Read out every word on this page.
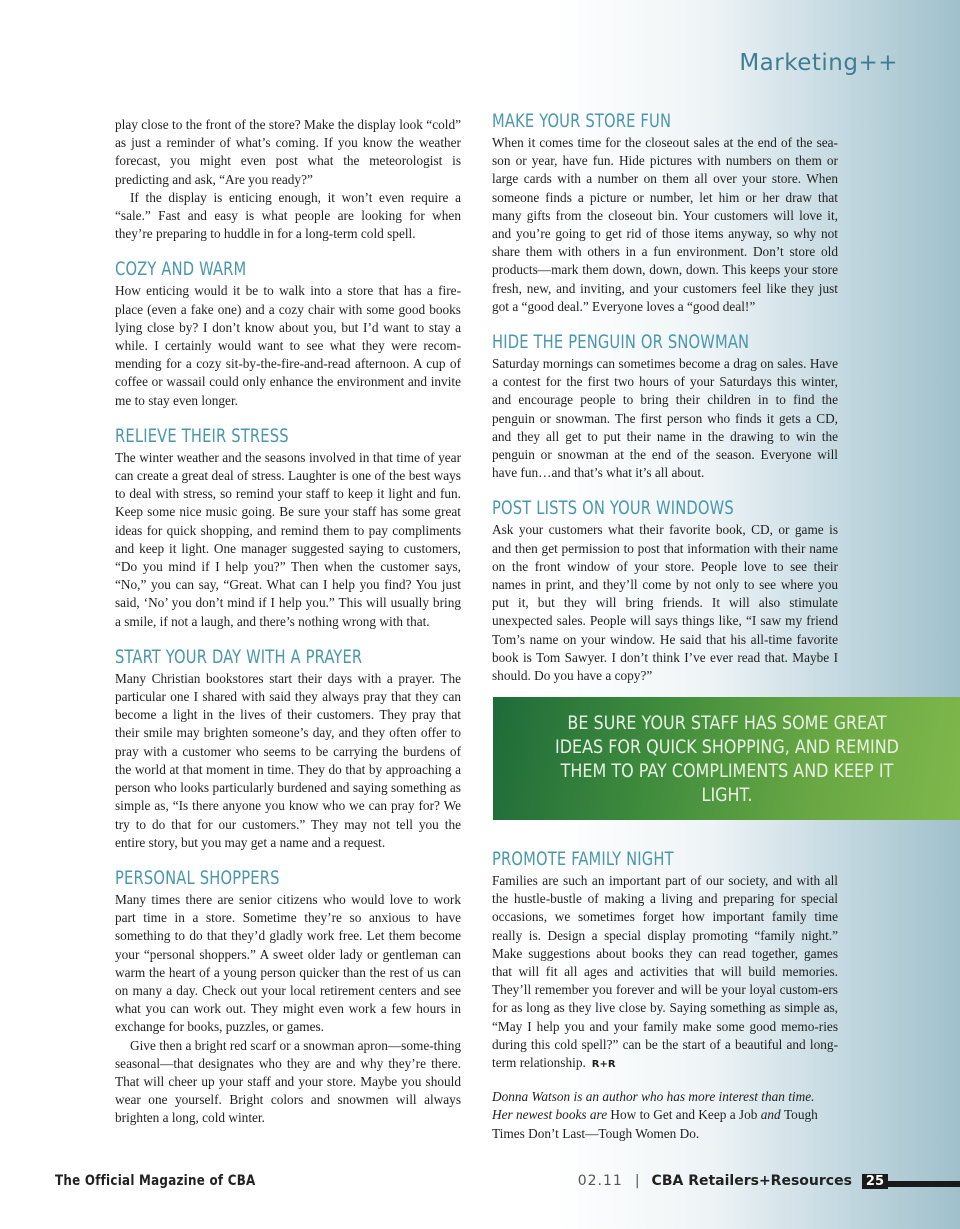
Marketing++

play close to the front of the store? Make the display look “cold” as just a reminder of what’s coming. If you know the weather forecast, you might even post what the meteorologist is predicting and ask, “Are you ready?”

If the display is enticing enough, it won’t even require a “sale.” Fast and easy is what people are looking for when they’re preparing to huddle in for a long-term cold spell.

COZY AND WARM

How enticing would it be to walk into a store that has a fire-place (even a fake one) and a cozy chair with some good books lying close by? I don’t know about you, but I’d want to stay a while. I certainly would want to see what they were recom-mending for a cozy sit-by-the-fire-and-read afternoon. A cup of coffee or wassail could only enhance the environment and invite me to stay even longer.

RELIEVE THEIR STRESS

The winter weather and the seasons involved in that time of year can create a great deal of stress. Laughter is one of the best ways to deal with stress, so remind your staff to keep it light and fun. Keep some nice music going. Be sure your staff has some great ideas for quick shopping, and remind them to pay compliments and keep it light. One manager suggested saying to customers, “Do you mind if I help you?” Then when the customer says, “No,” you can say, “Great. What can I help you find? You just said, ‘No’ you don’t mind if I help you.” This will usually bring a smile, if not a laugh, and there’s nothing wrong with that.

START YOUR DAY WITH A PRAYER

Many Christian bookstores start their days with a prayer. The particular one I shared with said they always pray that they can become a light in the lives of their customers. They pray that their smile may brighten someone’s day, and they often offer to pray with a customer who seems to be carrying the burdens of the world at that moment in time. They do that by approaching a person who looks particularly burdened and saying something as simple as, “Is there anyone you know who we can pray for? We try to do that for our customers.” They may not tell you the entire story, but you may get a name and a request.

PERSONAL SHOPPERS

Many times there are senior citizens who would love to work part time in a store. Sometime they’re so anxious to have something to do that they’d gladly work free. Let them become your “personal shoppers.” A sweet older lady or gentleman can warm the heart of a young person quicker than the rest of us can on many a day. Check out your local retirement centers and see what you can work out. They might even work a few hours in exchange for books, puzzles, or games.

Give then a bright red scarf or a snowman apron—some-thing seasonal—that designates who they are and why they’re there. That will cheer up your staff and your store. Maybe you should wear one yourself. Bright colors and snowmen will always brighten a long, cold winter.

MAKE YOUR STORE FUN

When it comes time for the closeout sales at the end of the sea-son or year, have fun. Hide pictures with numbers on them or large cards with a number on them all over your store. When someone finds a picture or number, let him or her draw that many gifts from the closeout bin. Your customers will love it, and you’re going to get rid of those items anyway, so why not share them with others in a fun environment. Don’t store old products—mark them down, down, down. This keeps your store fresh, new, and inviting, and your customers feel like they just got a “good deal.” Everyone loves a “good deal!”

HIDE THE PENGUIN OR SNOWMAN

Saturday mornings can sometimes become a drag on sales. Have a contest for the first two hours of your Saturdays this winter, and encourage people to bring their children in to find the penguin or snowman. The first person who finds it gets a CD, and they all get to put their name in the drawing to win the penguin or snowman at the end of the season. Everyone will have fun…and that’s what it’s all about.

POST LISTS ON YOUR WINDOWS

Ask your customers what their favorite book, CD, or game is and then get permission to post that information with their name on the front window of your store. People love to see their names in print, and they’ll come by not only to see where you put it, but they will bring friends. It will also stimulate unexpected sales. People will says things like, “I saw my friend Tom’s name on your window. He said that his all-time favorite book is Tom Sawyer. I don’t think I’ve ever read that. Maybe I should. Do you have a copy?”

BE SURE YOUR STAFF HAS SOME GREAT IDEAS FOR QUICK SHOPPING, AND REMIND THEM TO PAY COMPLIMENTS AND KEEP IT LIGHT.
PROMOTE FAMILY NIGHT

Families are such an important part of our society, and with all the hustle-bustle of making a living and preparing for special occasions, we sometimes forget how important family time really is. Design a special display promoting “family night.” Make suggestions about books they can read together, games that will fit all ages and activities that will build memories. They’ll remember you forever and will be your loyal custom-ers for as long as they live close by. Saying something as simple as, “May I help you and your family make some good memo-ries during this cold spell?” can be the start of a beautiful and long-term relationship. R+R

Donna Watson is an author who has more interest than time. Her newest books are How to Get and Keep a Job and Tough Times Don’t Last—Tough Women Do.

The Official Magazine of CBA	02.11 | CBA Retailers+Resources	25
